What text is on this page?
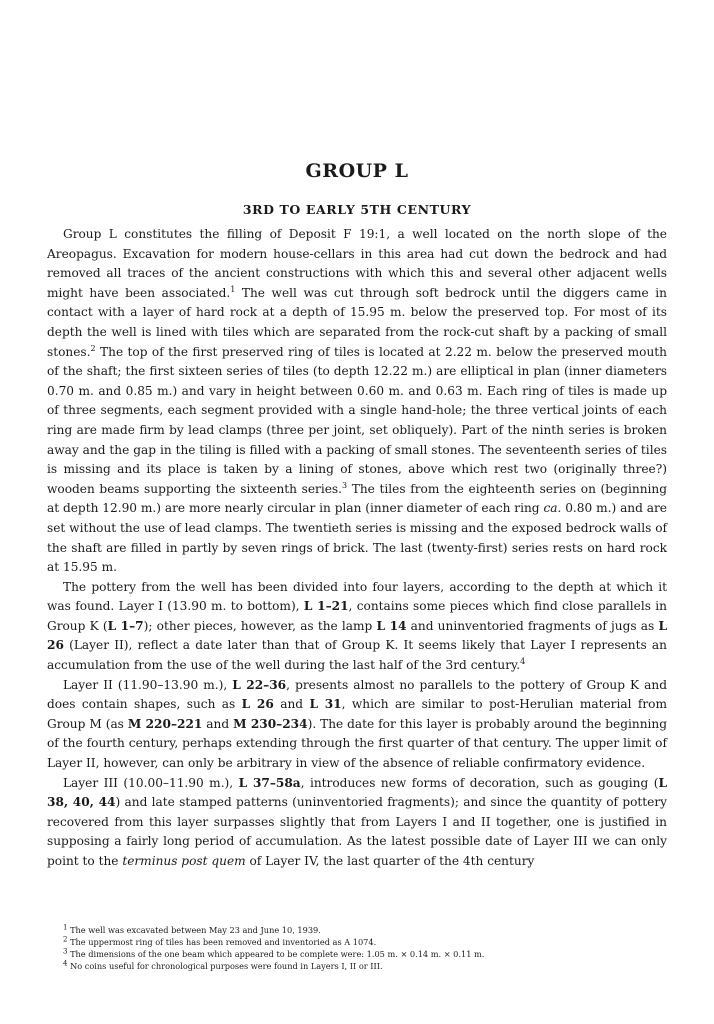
GROUP L
3RD TO EARLY 5TH CENTURY

Group L constitutes the filling of Deposit F 19:1, a well located on the north slope of the Areopagus. Excavation for modern house-cellars in this area had cut down the bedrock and had removed all traces of the ancient constructions with which this and several other adjacent wells might have been associated.$^1$ The well was cut through soft bedrock until the diggers came in contact with a layer of hard rock at a depth of 15.95 m. below the preserved top. For most of its depth the well is lined with tiles which are separated from the rock-cut shaft by a packing of small stones.$^2$ The top of the first preserved ring of tiles is located at 2.22 m. below the preserved mouth of the shaft; the first sixteen series of tiles (to depth 12.22 m.) are elliptical in plan (inner diameters 0.70 m. and 0.85 m.) and vary in height between 0.60 m. and 0.63 m. Each ring of tiles is made up of three segments, each segment provided with a single hand-hole; the three vertical joints of each ring are made firm by lead clamps (three per joint, set obliquely). Part of the ninth series is broken away and the gap in the tiling is filled with a packing of small stones. The seventeenth series of tiles is missing and its place is taken by a lining of stones, above which rest two (originally three?) wooden beams supporting the sixteenth series.$^3$ The tiles from the eighteenth series on (beginning at depth 12.90 m.) are more nearly circular in plan (inner diameter of each ring ca. 0.80 m.) and are set without the use of lead clamps. The twentieth series is missing and the exposed bedrock walls of the shaft are filled in partly by seven rings of brick. The last (twenty-first) series rests on hard rock at 15.95 m.

The pottery from the well has been divided into four layers, according to the depth at which it was found. Layer I (13.90 m. to bottom), L 1–21, contains some pieces which find close parallels in Group K (L 1–7); other pieces, however, as the lamp L 14 and uninventoried fragments of jugs as L 26 (Layer II), reflect a date later than that of Group K. It seems likely that Layer I represents an accumulation from the use of the well during the last half of the 3rd century.$^4$

Layer II (11.90–13.90 m.), L 22–36, presents almost no parallels to the pottery of Group K and does contain shapes, such as L 26 and L 31, which are similar to post-Herulian material from Group M (as M 220–221 and M 230–234). The date for this layer is probably around the beginning of the fourth century, perhaps extending through the first quarter of that century. The upper limit of Layer II, however, can only be arbitrary in view of the absence of reliable confirmatory evidence.

Layer III (10.00–11.90 m.), L 37–58a, introduces new forms of decoration, such as gouging (L 38, 40, 44) and late stamped patterns (uninventoried fragments); and since the quantity of pottery recovered from this layer surpasses slightly that from Layers I and II together, one is justified in supposing a fairly long period of accumulation. As the latest possible date of Layer III we can only point to the terminus post quem of Layer IV, the last quarter of the 4th century

1 The well was excavated between May 23 and June 10, 1939.

2 The uppermost ring of tiles has been removed and inventoried as A 1074.

3 The dimensions of the one beam which appeared to be complete were: 1.05 m. × 0.14 m. × 0.11 m.

4 No coins useful for chronological purposes were found in Layers I, II or III.
